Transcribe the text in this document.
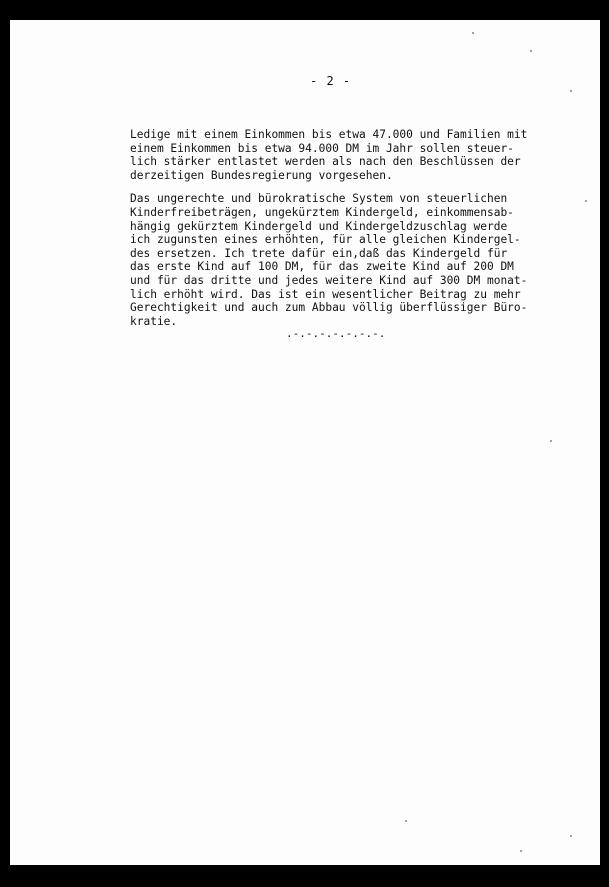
- 2 -
Ledige mit einem Einkommen bis etwa 47.000 und Familien mit
einem Einkommen bis etwa 94.000 DM im Jahr sollen steuer-
lich stärker entlastet werden als nach den Beschlüssen der
derzeitigen Bundesregierung vorgesehen.
Das ungerechte und bürokratische System von steuerlichen
Kinderfreibeträgen, ungekürztem Kindergeld, einkommensab-
hängig gekürztem Kindergeld und Kindergeldzuschlag werde
ich zugunsten eines erhöhten, für alle gleichen Kindergel-
des ersetzen. Ich trete dafür ein,daß das Kindergeld für
das erste Kind auf 100 DM, für das zweite Kind auf 200 DM
und für das dritte und jedes weitere Kind auf 300 DM monat-
lich erhöht wird. Das ist ein wesentlicher Beitrag zu mehr
Gerechtigkeit und auch zum Abbau völlig überflüssiger Büro-
kratie.
.-.-.-.-.-.-.-.
